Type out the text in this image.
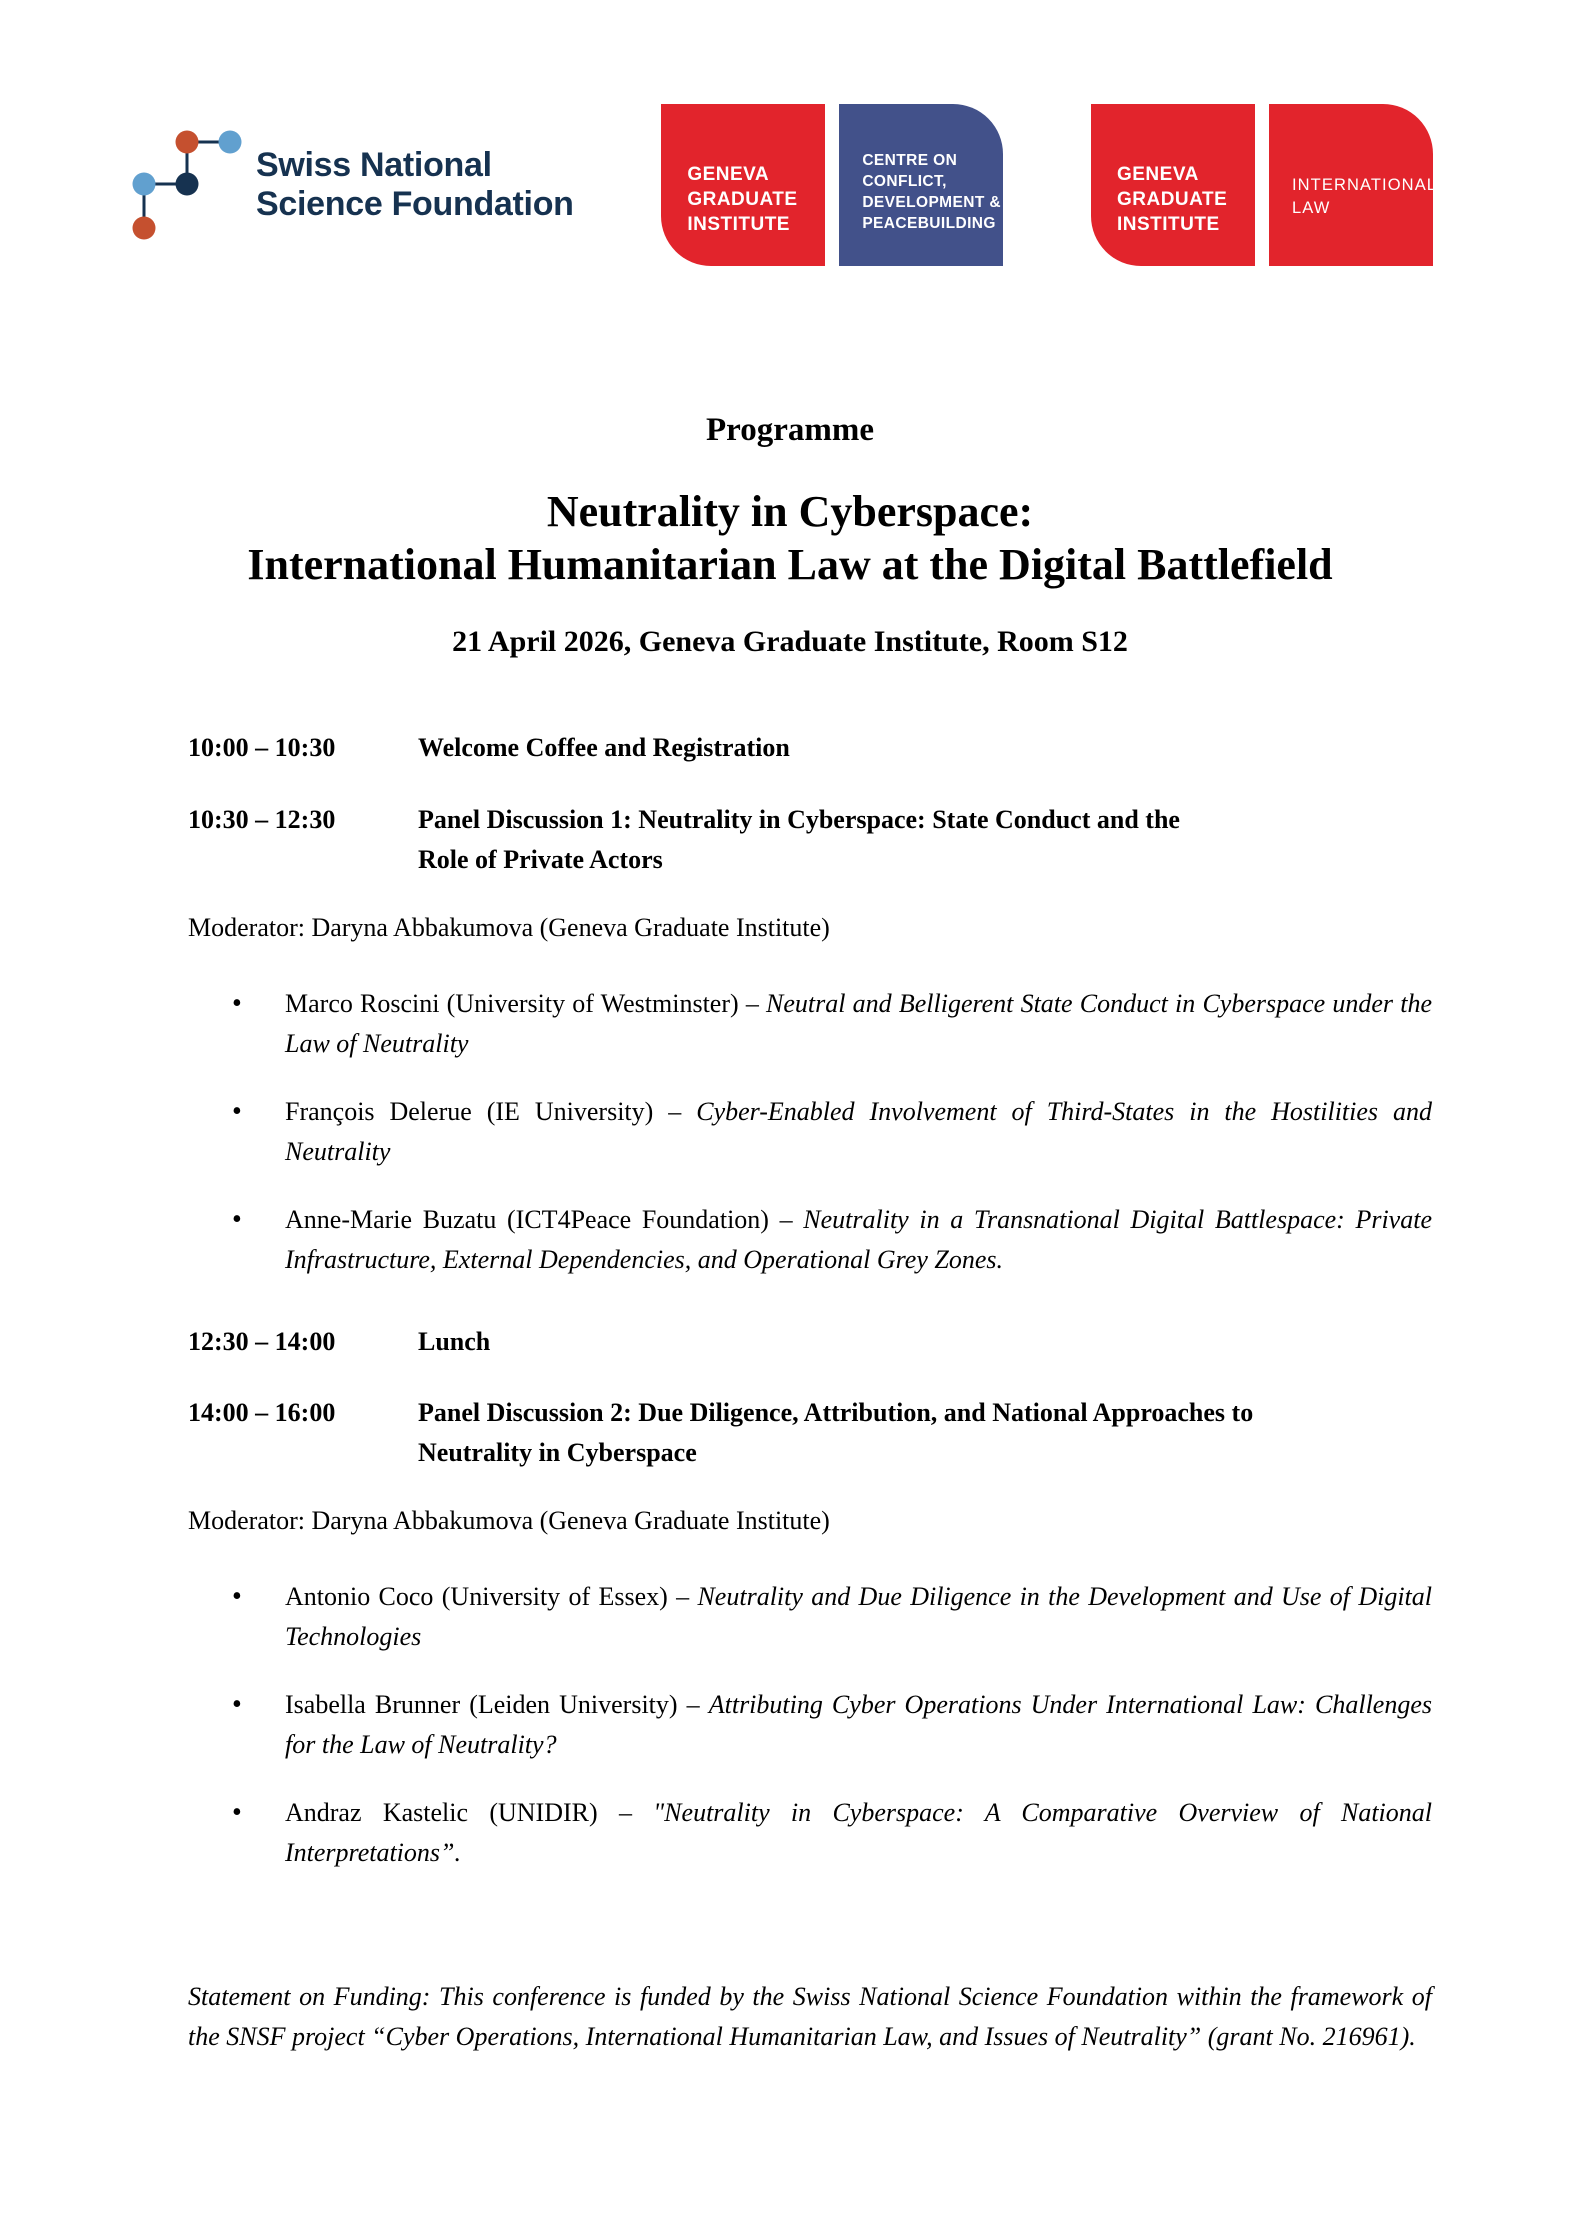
Swiss National
Science Foundation
GENEVA
GRADUATE
INSTITUTE
CENTRE ON
CONFLICT,
DEVELOPMENT &
PEACEBUILDING
GENEVA
GRADUATE
INSTITUTE
INTERNATIONAL
LAW
Programme
Neutrality in Cyberspace:
International Humanitarian Law at the Digital Battlefield
21 April 2026, Geneva Graduate Institute, Room S12
10:00 – 10:30	Welcome Coffee and Registration
10:30 – 12:30	Panel Discussion 1: Neutrality in Cyberspace: State Conduct and the
Role of Private Actors
Moderator: Daryna Abbakumova (Geneva Graduate Institute)
• Marco Roscini (University of Westminster) – Neutral and Belligerent State Conduct in Cyberspace under the Law of Neutrality
• François Delerue (IE University) – Cyber-Enabled Involvement of Third-States in the Hostilities and Neutrality
• Anne-Marie Buzatu (ICT4Peace Foundation) – Neutrality in a Transnational Digital Battlespace: Private Infrastructure, External Dependencies, and Operational Grey Zones.
12:30 – 14:00	Lunch
14:00 – 16:00	Panel Discussion 2: Due Diligence, Attribution, and National Approaches to
Neutrality in Cyberspace
Moderator: Daryna Abbakumova (Geneva Graduate Institute)
• Antonio Coco (University of Essex) – Neutrality and Due Diligence in the Development and Use of Digital Technologies
• Isabella Brunner (Leiden University) – Attributing Cyber Operations Under International Law: Challenges for the Law of Neutrality?
• Andraz Kastelic (UNIDIR) – "Neutrality in Cyberspace: A Comparative Overview of National Interpretations”.
Statement on Funding: This conference is funded by the Swiss National Science Foundation within the framework of the SNSF project “Cyber Operations, International Humanitarian Law, and Issues of Neutrality” (grant No. 216961).
